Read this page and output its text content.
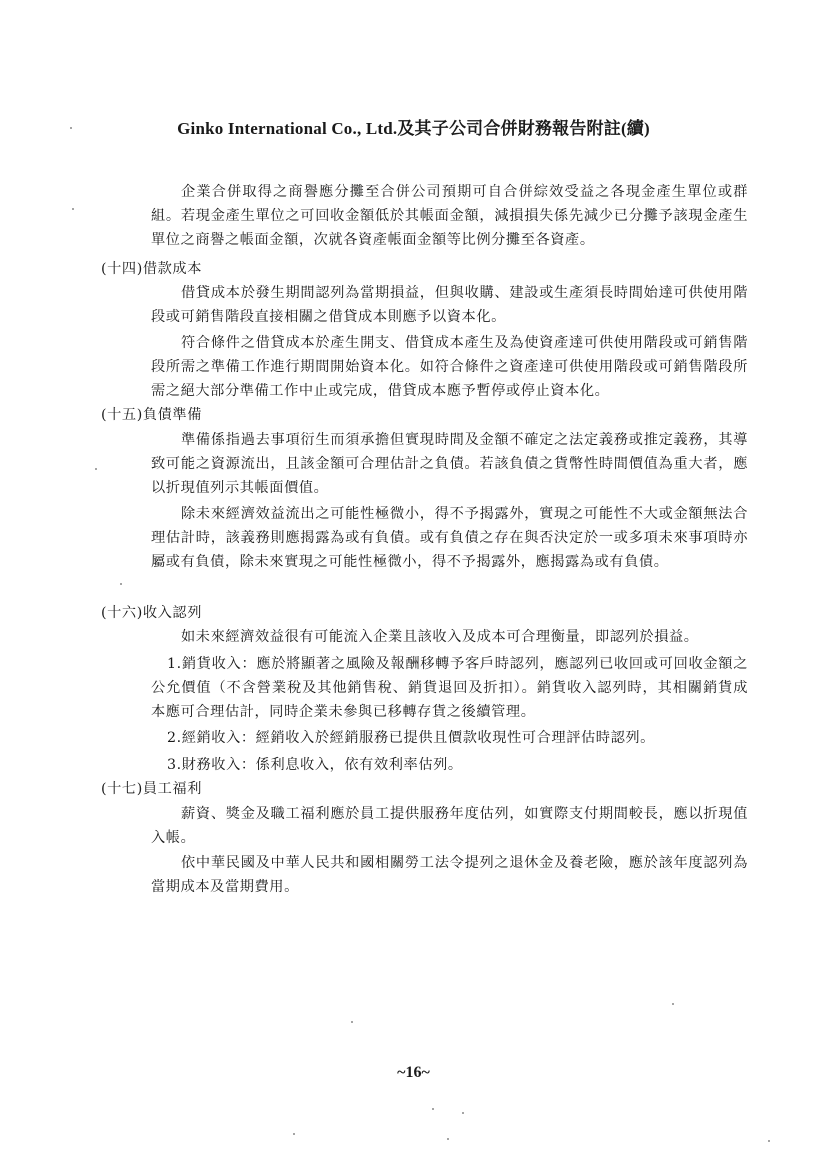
Ginko International Co., Ltd.及其子公司合併財務報告附註(續)
企業合併取得之商譽應分攤至合併公司預期可自合併綜效受益之各現金產生單位或群組。若現金產生單位之可回收金額低於其帳面金額，減損損失係先減少已分攤予該現金產生單位之商譽之帳面金額，次就各資產帳面金額等比例分攤至各資產。
(十四)借款成本
借貸成本於發生期間認列為當期損益，但與收購、建設或生產須長時間始達可供使用階段或可銷售階段直接相關之借貸成本則應予以資本化。
符合條件之借貸成本於產生開支、借貸成本產生及為使資產達可供使用階段或可銷售階段所需之準備工作進行期間開始資本化。如符合條件之資產達可供使用階段或可銷售階段所需之絕大部分準備工作中止或完成，借貸成本應予暫停或停止資本化。
(十五)負債準備
準備係指過去事項衍生而須承擔但實現時間及金額不確定之法定義務或推定義務，其導致可能之資源流出，且該金額可合理估計之負債。若該負債之貨幣性時間價值為重大者，應以折現值列示其帳面價值。
除未來經濟效益流出之可能性極微小，得不予揭露外，實現之可能性不大或金額無法合理估計時，該義務則應揭露為或有負債。或有負債之存在與否決定於一或多項未來事項時亦屬或有負債，除未來實現之可能性極微小，得不予揭露外，應揭露為或有負債。
(十六)收入認列
如未來經濟效益很有可能流入企業且該收入及成本可合理衡量，即認列於損益。
1.銷貨收入：應於將顯著之風險及報酬移轉予客戶時認列，應認列已收回或可回收金額之公允價值（不含營業稅及其他銷售稅、銷貨退回及折扣）。銷貨收入認列時，其相關銷貨成本應可合理估計，同時企業未參與已移轉存貨之後續管理。
2.經銷收入：經銷收入於經銷服務已提供且價款收現性可合理評估時認列。
3.財務收入：係利息收入，依有效利率估列。
(十七)員工福利
薪資、獎金及職工福利應於員工提供服務年度估列，如實際支付期間較長，應以折現值入帳。
依中華民國及中華人民共和國相關勞工法令提列之退休金及養老險，應於該年度認列為當期成本及當期費用。
~16~
